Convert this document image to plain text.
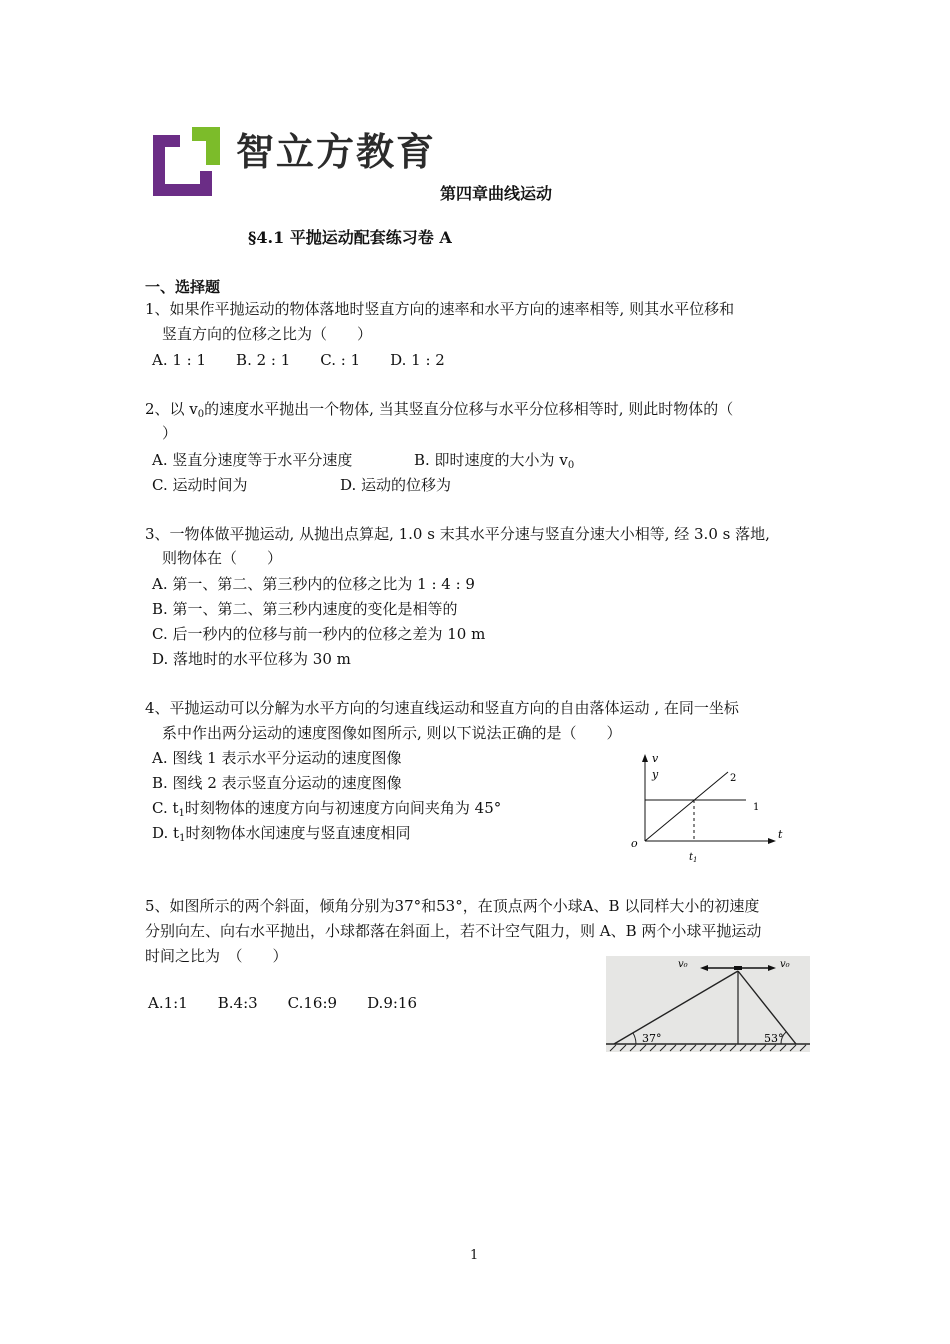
智立方教育
第四章曲线运动
§4.1 平抛运动配套练习卷 A
一、选择题
1、如果作平抛运动的物体落地时竖直方向的速率和水平方向的速率相等, 则其水平位移和
竖直方向的位移之比为（　　）
A. 1 : 1　　B. 2 : 1　　C. : 1　　D. 1 : 2
2、以 $v_0$的速度水平抛出一个物体, 当其竖直分位移与水平分位移相等时, 则此时物体的（
）
A. 竖直分速度等于水平分速度	B. 即时速度的大小为 $v_0$
C. 运动时间为	D. 运动的位移为
3、一物体做平抛运动, 从抛出点算起, 1.0 s 末其水平分速与竖直分速大小相等, 经 3.0 s 落地,
则物体在（　　）
A. 第一、第二、第三秒内的位移之比为 1 : 4 : 9
B. 第一、第二、第三秒内速度的变化是相等的
C. 后一秒内的位移与前一秒内的位移之差为 10 m
D. 落地时的水平位移为 30 m
4、平抛运动可以分解为水平方向的匀速直线运动和竖直方向的自由落体运动 , 在同一坐标
系中作出两分运动的速度图像如图所示, 则以下说法正确的是（　　）
A. 图线 1 表示水平分运动的速度图像
B. 图线 2 表示竖直分运动的速度图像
C. $t_1$时刻物体的速度方向与初速度方向间夹角为 45°
D. $t_1$时刻物体水闰速度与竖直速度相同
v
y
t
o
1
2
$t_1$
5、如图所示的两个斜面，倾角分别为37°和53°，在顶点两个小球A、B 以同样大小的初速度
分别向左、向右水平抛出，小球都落在斜面上，若不计空气阻力，则 A、B 两个小球平抛运动
时间之比为　（　　）
A.1:1　　B.4:3　　C.16:9　　D.9:16
v₀	v₀
37°	53°
1
